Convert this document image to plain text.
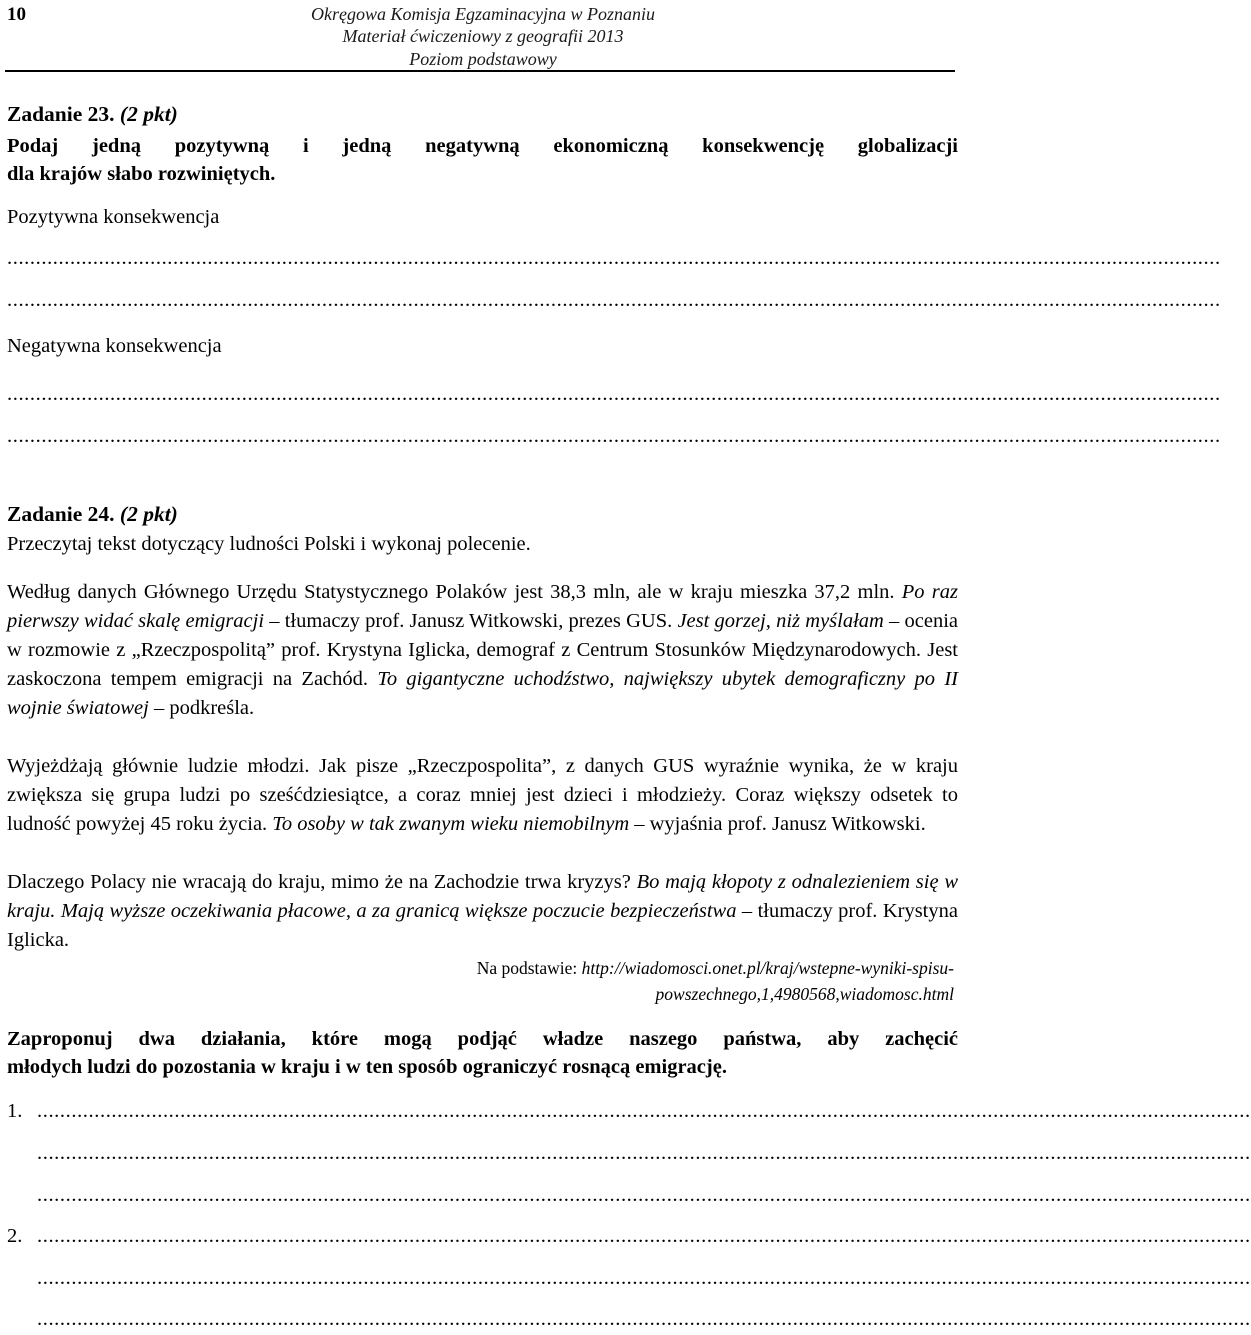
10	Okręgowa Komisja Egzaminacyjna w Poznaniu
Materiał ćwiczeniowy z geografii 2013
Poziom podstawowy
Zadanie 23. (2 pkt)
Podaj jedną pozytywną i jedną negatywną ekonomiczną konsekwencję globalizacji
dla krajów słabo rozwiniętych.
Pozytywna konsekwencja
....................................................................................................................................................................................................................
....................................................................................................................................................................................................................
Negatywna konsekwencja
....................................................................................................................................................................................................................
....................................................................................................................................................................................................................
Zadanie 24. (2 pkt)
Przeczytaj tekst dotyczący ludności Polski i wykonaj polecenie.
Według danych Głównego Urzędu Statystycznego Polaków jest 38,3 mln, ale w kraju mieszka 37,2 mln. Po raz pierwszy widać skalę emigracji – tłumaczy prof. Janusz Witkowski, prezes GUS. Jest gorzej, niż myślałam – ocenia w rozmowie z „Rzeczpospolitą” prof. Krystyna Iglicka, demograf z Centrum Stosunków Międzynarodowych. Jest zaskoczona tempem emigracji na Zachód. To gigantyczne uchodźstwo, największy ubytek demograficzny po II wojnie światowej – podkreśla.
Wyjeżdżają głównie ludzie młodzi. Jak pisze „Rzeczpospolita”, z danych GUS wyraźnie wynika, że w kraju zwiększa się grupa ludzi po sześćdziesiątce, a coraz mniej jest dzieci i młodzieży. Coraz większy odsetek to ludność powyżej 45 roku życia. To osoby w tak zwanym wieku niemobilnym – wyjaśnia prof. Janusz Witkowski.
Dlaczego Polacy nie wracają do kraju, mimo że na Zachodzie trwa kryzys? Bo mają kłopoty z odnalezieniem się w kraju. Mają wyższe oczekiwania płacowe, a za granicą większe poczucie bezpieczeństwa – tłumaczy prof. Krystyna Iglicka.
Na podstawie: http://wiadomosci.onet.pl/kraj/wstepne-wyniki-spisu-
powszechnego,1,4980568,wiadomosc.html
Zaproponuj dwa działania, które mogą podjąć władze naszego państwa, aby zachęcić
młodych ludzi do pozostania w kraju i w ten sposób ograniczyć rosnącą emigrację.
1. ....................................................................................................................................................................................................................
....................................................................................................................................................................................................................
....................................................................................................................................................................................................................
2. ....................................................................................................................................................................................................................
....................................................................................................................................................................................................................
....................................................................................................................................................................................................................
